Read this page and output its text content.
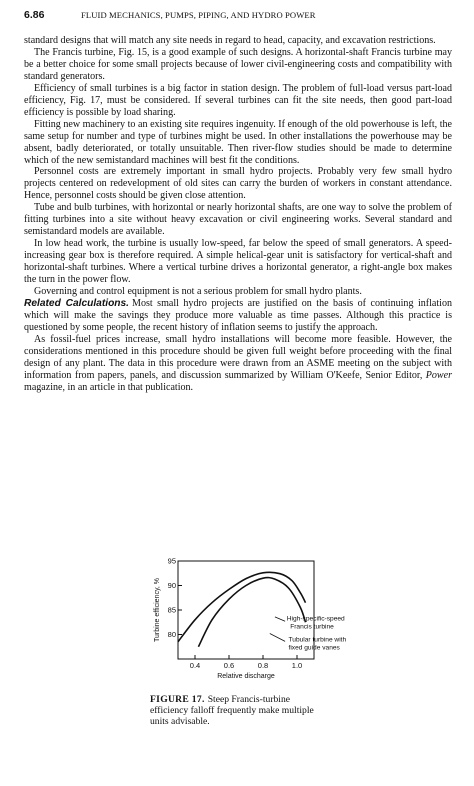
6.86	FLUID MECHANICS, PUMPS, PIPING, AND HYDRO POWER

standard designs that will match any site needs in regard to head, capacity, and excavation restrictions.

The Francis turbine, Fig. 15, is a good example of such designs. A horizontal-shaft Francis turbine may be a better choice for some small projects because of lower civil-engineering costs and compatibility with standard generators.

Efficiency of small turbines is a big factor in station design. The problem of full-load versus part-load efficiency, Fig. 17, must be considered. If several turbines can fit the site needs, then good part-load efficiency is possible by load sharing.

Fitting new machinery to an existing site requires ingenuity. If enough of the old powerhouse is left, the same setup for number and type of turbines might be used. In other installations the powerhouse may be absent, badly deteriorated, or totally unsuitable. Then river-flow studies should be made to determine which of the new semistandard machines will best fit the conditions.

Personnel costs are extremely important in small hydro projects. Probably very few small hydro projects centered on redevelopment of old sites can carry the burden of workers in constant attendance. Hence, personnel costs should be given close attention.

Tube and bulb turbines, with horizontal or nearly horizontal shafts, are one way to solve the problem of fitting turbines into a site without heavy excavation or civil engineering works. Several standard and semistandard models are available.

In low head work, the turbine is usually low-speed, far below the speed of small generators. A speed-increasing gear box is therefore required. A simple helical-gear unit is satisfactory for vertical-shaft and horizontal-shaft turbines. Where a vertical turbine drives a horizontal generator, a right-angle box makes the turn in the power flow.

Governing and control equipment is not a serious problem for small hydro plants.

Related Calculations. Most small hydro projects are justified on the basis of continuing inflation which will make the savings they produce more valuable as time passes. Although this practice is questioned by some people, the recent history of inflation seems to justify the approach.

As fossil-fuel prices increase, small hydro installations will become more feasible. However, the considerations mentioned in this procedure should be given full weight before proceeding with the final design of any plant. The data in this procedure were drawn from an ASME meeting on the subject with information from papers, panels, and discussion summarized by William O'Keefe, Senior Editor, Power magazine, in an article in that publication.

80
85
90
95
0.4	0.6	0.8	1.0
Relative discharge
Turbine efficiency, %	High-specific-speed
Francis turbine
Tubular turbine with
fixed guide vanes
FIGURE 17. Steep Francis-turbine efficiency falloff frequently make multiple units advisable.
